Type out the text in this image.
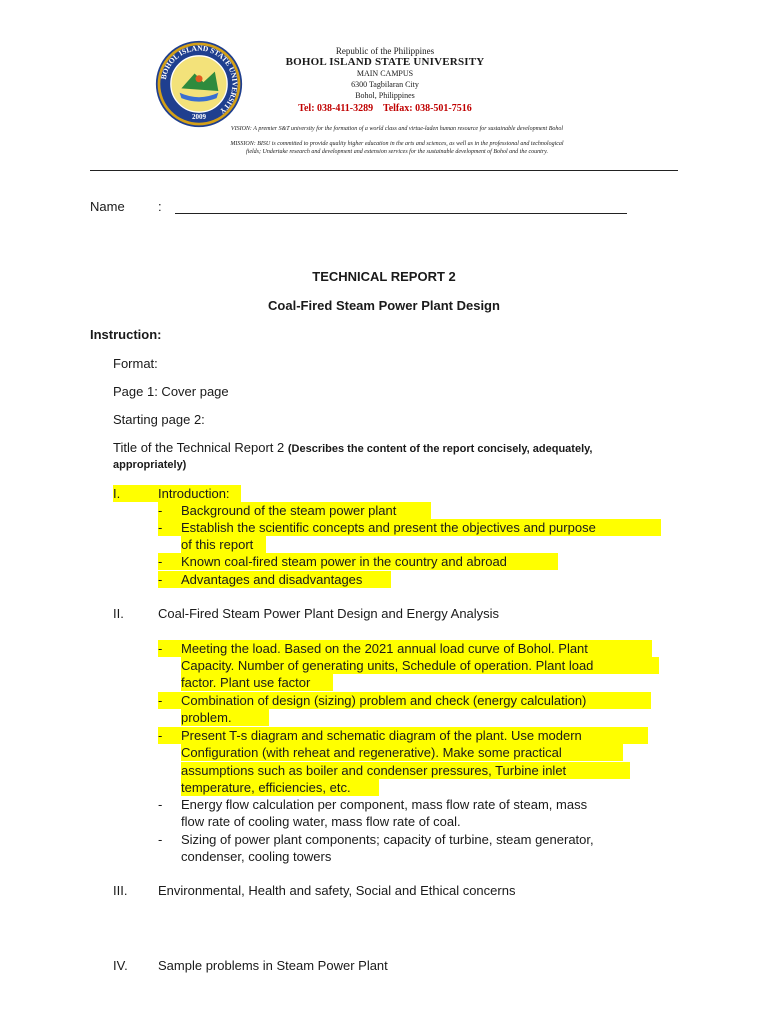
BOHOL ISLAND STATE UNIVERSITY
2009
Republic of the Philippines
BOHOL ISLAND STATE UNIVERSITY
MAIN CAMPUS
6300 Tagbilaran City
Bohol, Philippines
Tel: 038-411-3289    Telfax: 038-501-7516
VISION: A premier S&T university for the formation of a world class and virtue-laden human resource for sustainable development Bohol
MISSION: BISU is committed to provide quality higher education in the arts and sciences, as well as in the professional and technological
fields; Undertake research and development and extension services for the sustainable development of Bohol and the country.
Name	:
TECHNICAL REPORT 2
Coal-Fired Steam Power Plant Design
Instruction:
Format:
Page 1: Cover page
Starting page 2:
Title of the Technical Report 2 (Describes the content of the report concisely, adequately,
appropriately)
I.	Introduction:
- Background of the steam power plant
- Establish the scientific concepts and present the objectives and purpose
of this report
- Known coal-fired steam power in the country and abroad
- Advantages and disadvantages
II.	Coal-Fired Steam Power Plant Design and Energy Analysis
- Meeting the load. Based on the 2021 annual load curve of Bohol. Plant
Capacity. Number of generating units, Schedule of operation. Plant load
factor. Plant use factor
- Combination of design (sizing) problem and check (energy calculation)
problem.
- Present T-s diagram and schematic diagram of the plant. Use modern
Configuration (with reheat and regenerative). Make some practical
assumptions such as boiler and condenser pressures, Turbine inlet
temperature, efficiencies, etc.
- Energy flow calculation per component, mass flow rate of steam, mass
flow rate of cooling water, mass flow rate of coal.
- Sizing of power plant components; capacity of turbine, steam generator,
condenser, cooling towers
III. Environmental, Health and safety, Social and Ethical concerns
IV. Sample problems in Steam Power Plant
